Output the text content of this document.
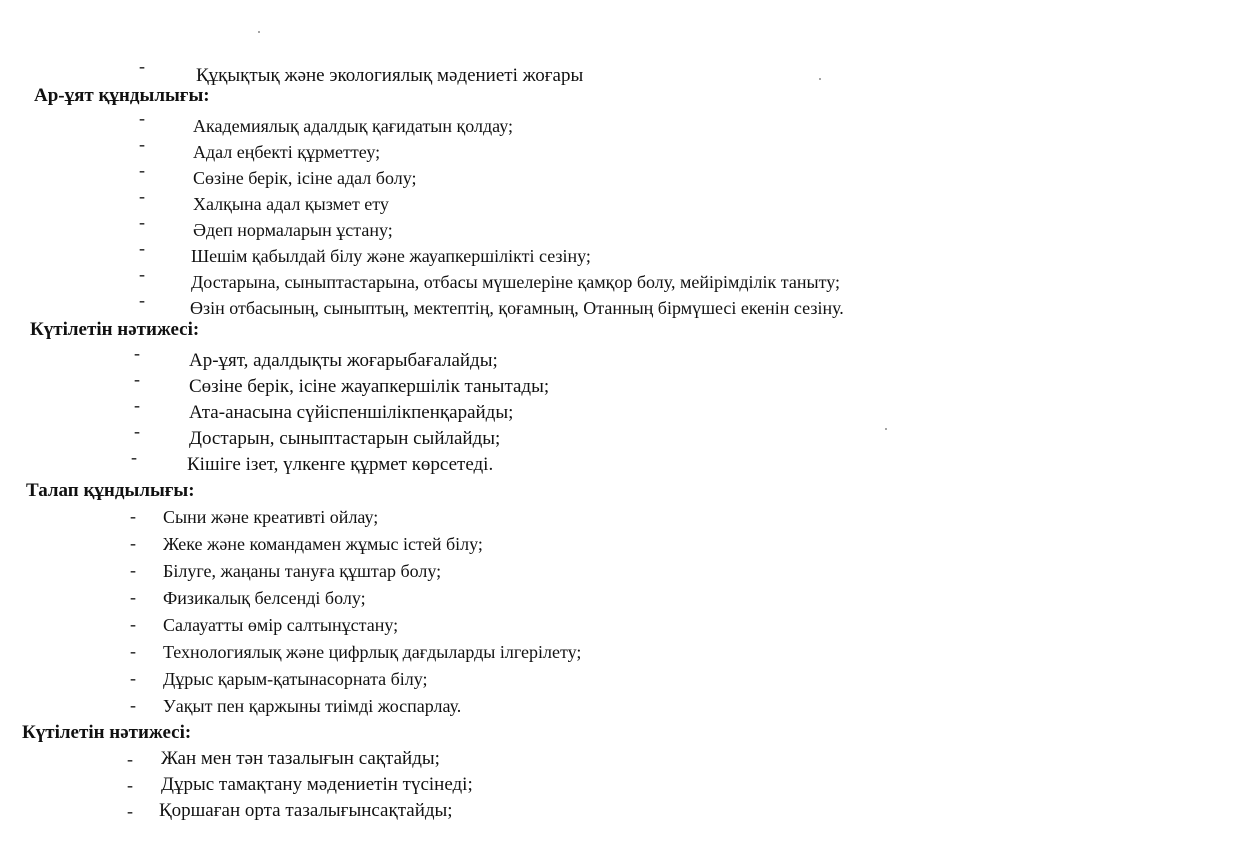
-	Құқықтық және экологиялық мәдениеті жоғары
Ар-ұят құндылығы:
-	Академиялық адалдық қағидатын қолдау;
-	Адал еңбекті құрметтеу;
-	Сөзіне берік, ісіне адал болу;
-	Халқына адал қызмет ету
-	Әдеп нормаларын ұстану;
-	Шешім қабылдай білу және жауапкершілікті сезіну;
-	Достарына, сыныптастарына, отбасы мүшелеріне қамқор болу, мейірімділік таныту;
-	Өзін отбасының, сыныптың, мектептің, қоғамның, Отанның бірмүшесі екенін сезіну.
Күтілетін нәтижесі:
-	Ар-ұят, адалдықты жоғарыбағалайды;
-	Сөзіне берік, ісіне жауапкершілік танытады;
-	Ата-анасына сүйіспеншілікпенқарайды;
-	Достарын, сыныптастарын сыйлайды;
-	Кішіге ізет, үлкенге құрмет көрсетеді.
Талап құндылығы:
- Сыни және креативті ойлау;
- Жеке және командамен жұмыс істей білу;
- Білуге, жаңаны тануға құштар болу;
- Физикалық белсенді болу;
- Салауатты өмір салтынұстану;
- Технологиялық және цифрлық дағдыларды ілгерілету;
- Дұрыс қарым-қатынасорната білу;
- Уақыт пен қаржыны тиімді жоспарлау.
Күтілетін нәтижесі:
- Жан мен тән тазалығын сақтайды;
- Дұрыс тамақтану мәдениетін түсінеді;
- Қоршаған орта тазалығынсақтайды;
